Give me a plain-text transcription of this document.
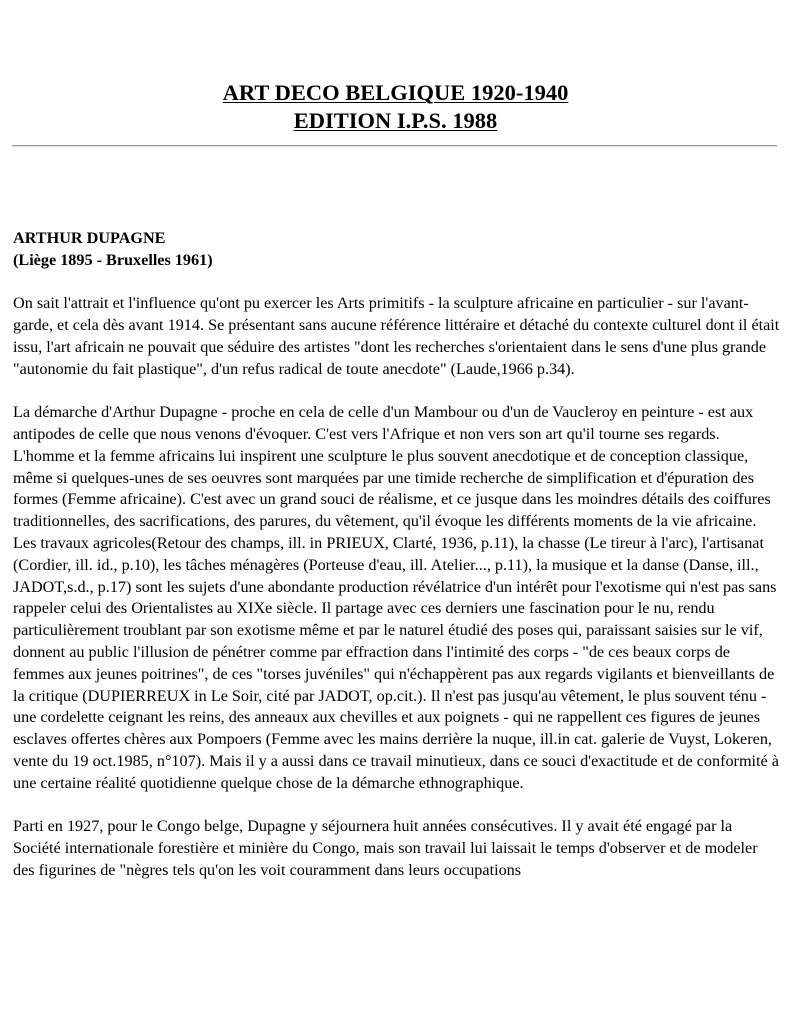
ART DECO BELGIQUE 1920-1940
EDITION I.P.S. 1988

ARTHUR DUPAGNE
(Liège 1895 - Bruxelles 1961)

On sait l'attrait et l'influence qu'ont pu exercer les Arts primitifs - la sculpture africaine en particulier - sur l'avant-garde, et cela dès avant 1914. Se présentant sans aucune référence littéraire et détaché du contexte culturel dont il était issu, l'art africain ne pouvait que séduire des artistes "dont les recherches s'orientaient dans le sens d'une plus grande "autonomie du fait plastique", d'un refus radical de toute anecdote" (Laude,1966 p.34).

La démarche d'Arthur Dupagne - proche en cela de celle d'un Mambour ou d'un de Vaucleroy en peinture - est aux antipodes de celle que nous venons d'évoquer. C'est vers l'Afrique et non vers son art qu'il tourne ses regards. L'homme et la femme africains lui inspirent une sculpture le plus souvent anecdotique et de conception classique, même si quelques-unes de ses oeuvres sont marquées par une timide recherche de simplification et d'épuration des formes (Femme africaine). C'est avec un grand souci de réalisme, et ce jusque dans les moindres détails des coiffures traditionnelles, des sacrifications, des parures, du vêtement, qu'il évoque les différents moments de la vie africaine. Les travaux agricoles(Retour des champs, ill. in PRIEUX, Clarté, 1936, p.11), la chasse (Le tireur à l'arc), l'artisanat (Cordier, ill. id., p.10), les tâches ménagères (Porteuse d'eau, ill. Atelier..., p.11), la musique et la danse (Danse, ill., JADOT,s.d., p.17) sont les sujets d'une abondante production révélatrice d'un intérêt pour l'exotisme qui n'est pas sans rappeler celui des Orientalistes au XIXe siècle. Il partage avec ces derniers une fascination pour le nu, rendu particulièrement troublant par son exotisme même et par le naturel étudié des poses qui, paraissant saisies sur le vif, donnent au public l'illusion de pénétrer comme par effraction dans l'intimité des corps - "de ces beaux corps de femmes aux jeunes poitrines", de ces "torses juvéniles" qui n'échappèrent pas aux regards vigilants et bienveillants de la critique (DUPIERREUX in Le Soir, cité par JADOT, op.cit.). Il n'est pas jusqu'au vêtement, le plus souvent ténu - une cordelette ceignant les reins, des anneaux aux chevilles et aux poignets - qui ne rappellent ces figures de jeunes esclaves offertes chères aux Pompoers (Femme avec les mains derrière la nuque, ill.in cat. galerie de Vuyst, Lokeren, vente du 19 oct.1985, n°107). Mais il y a aussi dans ce travail minutieux, dans ce souci d'exactitude et de conformité à une certaine réalité quotidienne quelque chose de la démarche ethnographique.

Parti en 1927, pour le Congo belge, Dupagne y séjournera huit années consécutives. Il y avait été engagé par la Société internationale forestière et minière du Congo, mais son travail lui laissait le temps d'observer et de modeler des figurines de "nègres tels qu'on les voit couramment dans leurs occupations
